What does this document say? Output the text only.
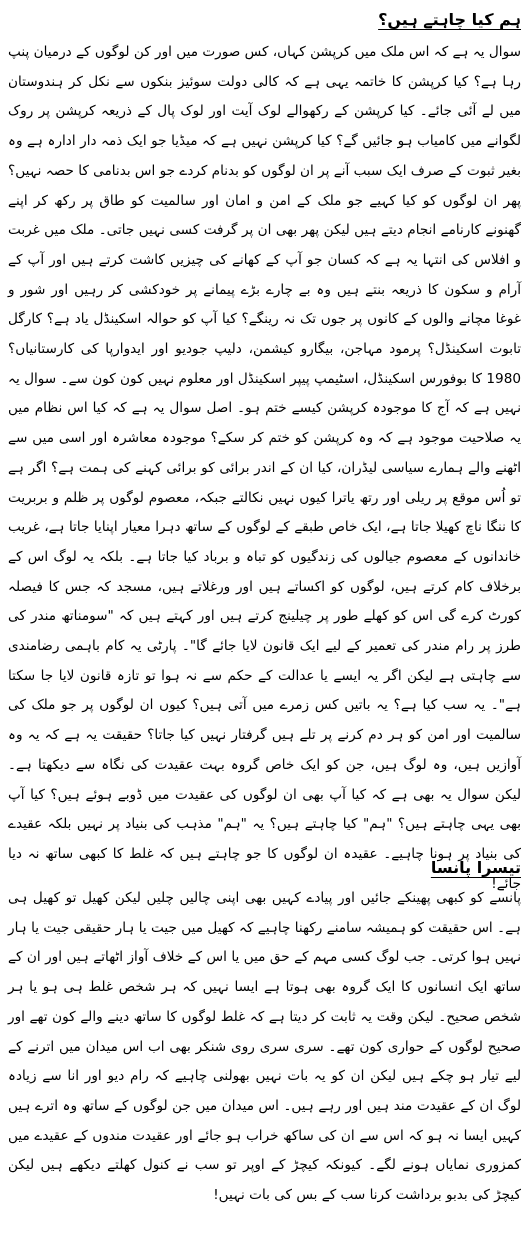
ہم کیا چاہتے ہیں؟

سوال یہ ہے کہ اس ملک میں کرپشن کہاں، کس صورت میں اور کن لوگوں کے درمیان پنپ رہا ہے؟ کیا کرپشن کا خاتمہ یہی ہے کہ کالی دولت سوئیز بنکوں سے نکل کر ہندوستان میں لے آئی جائے۔ کیا کرپشن کے رکھوالے لوک آیت اور لوک پال کے ذریعہ کرپشن پر روک لگوانے میں کامیاب ہو جائیں گے؟ کیا کرپشن نہیں ہے کہ میڈیا جو ایک ذمہ دار ادارہ ہے وہ بغیر ثبوت کے صرف ایک سبب آنے پر ان لوگوں کو بدنام کردے جو اس بدنامی کا حصہ نہیں؟ پھر ان لوگوں کو کیا کہیے جو ملک کے امن و امان اور سالمیت کو طاق پر رکھ کر اپنے گھنونے کارنامے انجام دیتے ہیں لیکن پھر بھی ان پر گرفت کسی نہیں جاتی۔ ملک میں غربت و افلاس کی انتہا یہ ہے کہ کسان جو آپ کے کھانے کی چیزیں کاشت کرتے ہیں اور آپ کے آرام و سکون کا ذریعہ بنتے ہیں وہ بے چارے بڑے پیمانے پر خودکشی کر رہیں اور شور و غوغا مچانے والوں کے کانوں پر جوں تک نہ رینگے؟ کیا آپ کو حوالہ اسکینڈل یاد ہے؟ کارگل تابوت اسکینڈل؟ پرمود مہاجن، بیگارو کیشمن، دلیپ جودیو اور ایدوارپا کی کارستانیاں؟ 1980 کا بوفورس اسکینڈل، اسٹیمپ پیپر اسکینڈل اور معلوم نہیں کون کون سے۔ سوال یہ نہیں ہے کہ آج کا موجودہ کرپشن کیسے ختم ہو۔ اصل سوال یہ ہے کہ کیا اس نظام میں یہ صلاحیت موجود ہے کہ وہ کرپشن کو ختم کر سکے؟ موجودہ معاشرہ اور اسی میں سے اٹھنے والے ہمارے سیاسی لیڈران، کیا ان کے اندر برائی کو برائی کہنے کی ہمت ہے؟ اگر ہے تو اُس موقع پر ریلی اور رتھ یاترا کیوں نہیں نکالتے جبکہ، معصوم لوگوں پر ظلم و بربریت کا ننگا ناچ کھیلا جاتا ہے، ایک خاص طبقے کے لوگوں کے ساتھ دہرا معیار اپنایا جاتا ہے، غریب خاندانوں کے معصوم جیالوں کی زندگیوں کو تباہ و برباد کیا جاتا ہے۔ بلکہ یہ لوگ اس کے برخلاف کام کرتے ہیں، لوگوں کو اکساتے ہیں اور ورغلاتے ہیں، مسجد کہ جس کا فیصلہ کورٹ کرے گی اس کو کھلے طور پر چیلینج کرتے ہیں اور کہتے ہیں کہ "سومناتھ مندر کی طرز پر رام مندر کی تعمیر کے لیے ایک قانون لایا جائے گا"۔ پارٹی یہ کام باہمی رضامندی سے چاہتی ہے لیکن اگر یہ ایسے یا عدالت کے حکم سے نہ ہوا تو تازہ قانون لایا جا سکتا ہے"۔ یہ سب کیا ہے؟ یہ باتیں کس زمرے میں آتی ہیں؟ کیوں ان لوگوں پر جو ملک کی سالمیت اور امن کو ہر دم کرنے پر تلے ہیں گرفتار نہیں کیا جاتا؟ حقیقت یہ ہے کہ یہ وہ آوازیں ہیں، وہ لوگ ہیں، جن کو ایک خاص گروہ بہت عقیدت کی نگاہ سے دیکھتا ہے۔ لیکن سوال یہ بھی ہے کہ کیا آپ بھی ان لوگوں کی عقیدت میں ڈوبے ہوئے ہیں؟ کیا آپ بھی یہی چاہتے ہیں؟ "ہم" کیا چاہتے ہیں؟ یہ "ہم" مذہب کی بنیاد پر نہیں بلکہ عقیدے کی بنیاد پر ہونا چاہیے۔ عقیدہ ان لوگوں کا جو چاہتے ہیں کہ غلط کا کبھی ساتھ نہ دیا جائے!

تیسرا پانسا

پانسے کو کبھی پھینکے جائیں اور پیادے کہیں بھی اپنی چالیں چلیں لیکن کھیل تو کھیل ہی ہے۔ اس حقیقت کو ہمیشہ سامنے رکھنا چاہیے کہ کھیل میں جیت یا ہار حقیقی جیت یا ہار نہیں ہوا کرتی۔ جب لوگ کسی مہم کے حق میں یا اس کے خلاف آواز اٹھاتے ہیں اور ان کے ساتھ ایک انسانوں کا ایک گروہ بھی ہوتا ہے ایسا نہیں کہ ہر شخص غلط ہی ہو یا ہر شخص صحیح۔ لیکن وقت یہ ثابت کر دیتا ہے کہ غلط لوگوں کا ساتھ دینے والے کون تھے اور صحیح لوگوں کے حواری کون تھے۔ سری سری روی شنکر بھی اب اس میدان میں اترنے کے لیے تیار ہو چکے ہیں لیکن ان کو یہ بات نہیں بھولنی چاہیے کہ رام دیو اور انا سے زیادہ لوگ ان کے عقیدت مند ہیں اور رہے ہیں۔ اس میدان میں جن لوگوں کے ساتھ وہ اترے ہیں کہیں ایسا نہ ہو کہ اس سے ان کی ساکھ خراب ہو جائے اور عقیدت مندوں کے عقیدے میں کمزوری نمایاں ہونے لگے۔ کیونکہ کیچڑ کے اوپر تو سب نے کنول کھلتے دیکھے ہیں لیکن کیچڑ کی بدبو برداشت کرنا سب کے بس کی بات نہیں!
